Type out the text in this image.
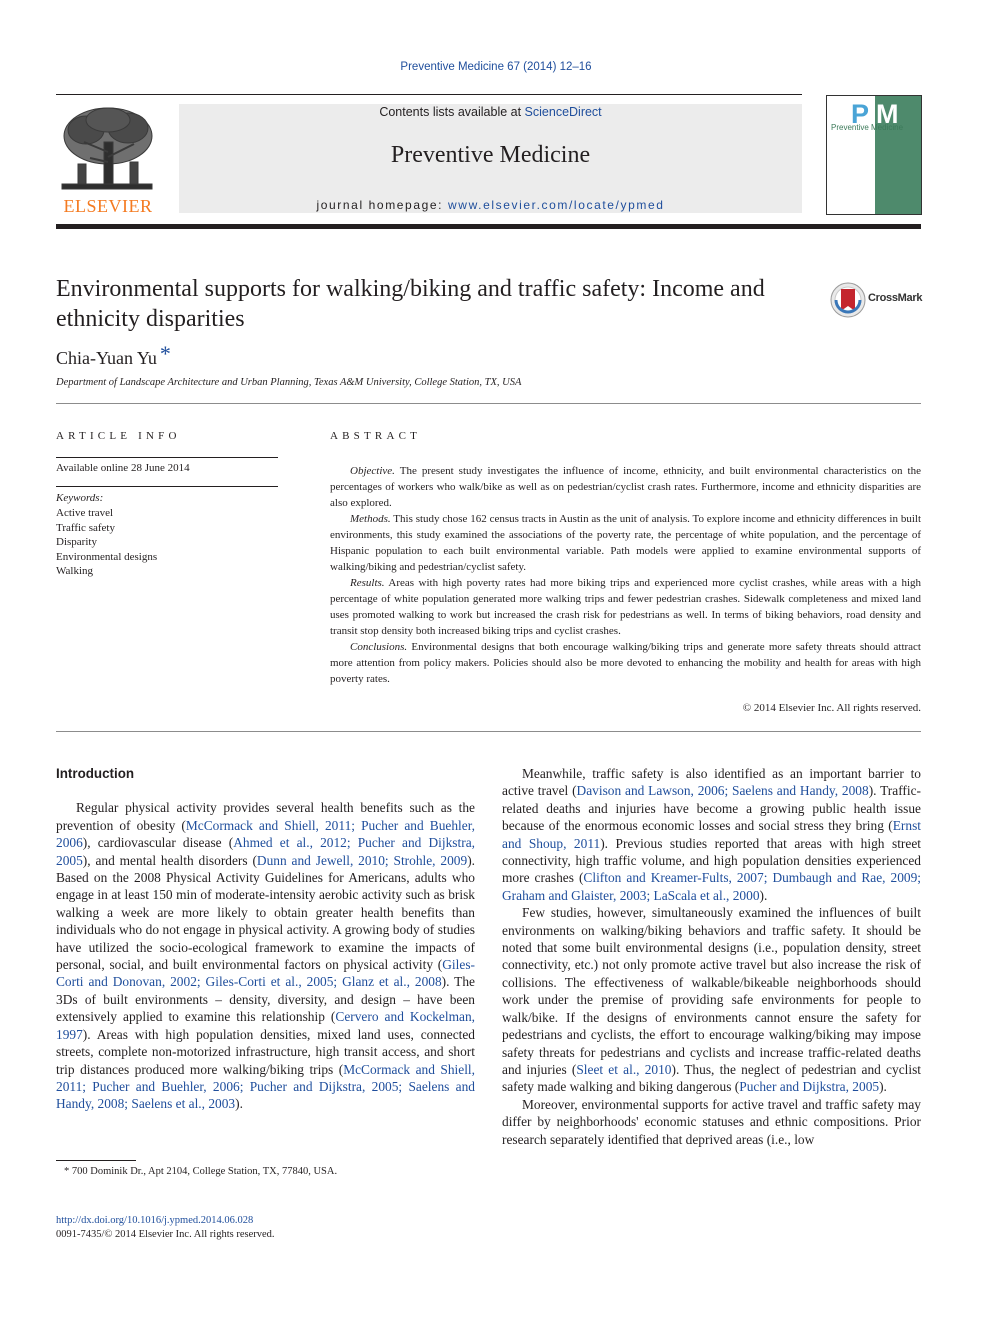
Preventive Medicine 67 (2014) 12–16
ELSEVIER
Contents lists available at ScienceDirect
Preventive Medicine
journal homepage: www.elsevier.com/locate/ypmed
P M
Preventive Medicine
Environmental supports for walking/biking and traffic safety: Income and ethnicity disparities
CrossMark
Chia-Yuan Yu *
Department of Landscape Architecture and Urban Planning, Texas A&M University, College Station, TX, USA
ARTICLE INFO
Available online 28 June 2014
Keywords:
Active travel
Traffic safety
Disparity
Environmental designs
Walking
ABSTRACT

Objective. The present study investigates the influence of income, ethnicity, and built environmental characteristics on the percentages of workers who walk/bike as well as on pedestrian/cyclist crash rates. Furthermore, income and ethnicity disparities are also explored.

Methods. This study chose 162 census tracts in Austin as the unit of analysis. To explore income and ethnicity differences in built environments, this study examined the associations of the poverty rate, the percentage of white population, and the percentage of Hispanic population to each built environmental variable. Path models were applied to examine environmental supports of walking/biking and pedestrian/cyclist safety.

Results. Areas with high poverty rates had more biking trips and experienced more cyclist crashes, while areas with a high percentage of white population generated more walking trips and fewer pedestrian crashes. Sidewalk completeness and mixed land uses promoted walking to work but increased the crash risk for pedestrians as well. In terms of biking behaviors, road density and transit stop density both increased biking trips and cyclist crashes.

Conclusions. Environmental designs that both encourage walking/biking trips and generate more safety threats should attract more attention from policy makers. Policies should also be more devoted to enhancing the mobility and health for areas with high poverty rates.

© 2014 Elsevier Inc. All rights reserved.
Introduction

Regular physical activity provides several health benefits such as the prevention of obesity (McCormack and Shiell, 2011; Pucher and Buehler, 2006), cardiovascular disease (Ahmed et al., 2012; Pucher and Dijkstra, 2005), and mental health disorders (Dunn and Jewell, 2010; Strohle, 2009). Based on the 2008 Physical Activity Guidelines for Americans, adults who engage in at least 150 min of moderate-intensity aerobic activity such as brisk walking a week are more likely to obtain greater health benefits than individuals who do not engage in physical activity. A growing body of studies have utilized the socio-ecological framework to examine the impacts of personal, social, and built environmental factors on physical activity (Giles-Corti and Donovan, 2002; Giles-Corti et al., 2005; Glanz et al., 2008). The 3Ds of built environments – density, diversity, and design – have been extensively applied to examine this relationship (Cervero and Kockelman, 1997). Areas with high population densities, mixed land uses, connected streets, complete non-motorized infrastructure, high transit access, and short trip distances produced more walking/biking trips (McCormack and Shiell, 2011; Pucher and Buehler, 2006; Pucher and Dijkstra, 2005; Saelens and Handy, 2008; Saelens et al., 2003).

Meanwhile, traffic safety is also identified as an important barrier to active travel (Davison and Lawson, 2006; Saelens and Handy, 2008). Traffic-related deaths and injuries have become a growing public health issue because of the enormous economic losses and social stress they bring (Ernst and Shoup, 2011). Previous studies reported that areas with high street connectivity, high traffic volume, and high population densities experienced more crashes (Clifton and Kreamer-Fults, 2007; Dumbaugh and Rae, 2009; Graham and Glaister, 2003; LaScala et al., 2000).

Few studies, however, simultaneously examined the influences of built environments on walking/biking behaviors and traffic safety. It should be noted that some built environmental designs (i.e., population density, street connectivity, etc.) not only promote active travel but also increase the risk of collisions. The effectiveness of walkable/bikeable neighborhoods should work under the premise of providing safe environments for people to walk/bike. If the designs of environments cannot ensure the safety for pedestrians and cyclists, the effort to encourage walking/biking may impose safety threats for pedestrians and cyclists and increase traffic-related deaths and injuries (Sleet et al., 2010). Thus, the neglect of pedestrian and cyclist safety made walking and biking dangerous (Pucher and Dijkstra, 2005).

Moreover, environmental supports for active travel and traffic safety may differ by neighborhoods' economic statuses and ethnic compositions. Prior research separately identified that deprived areas (i.e., low

* 700 Dominik Dr., Apt 2104, College Station, TX, 77840, USA.
http://dx.doi.org/10.1016/j.ypmed.2014.06.028
0091-7435/© 2014 Elsevier Inc. All rights reserved.
